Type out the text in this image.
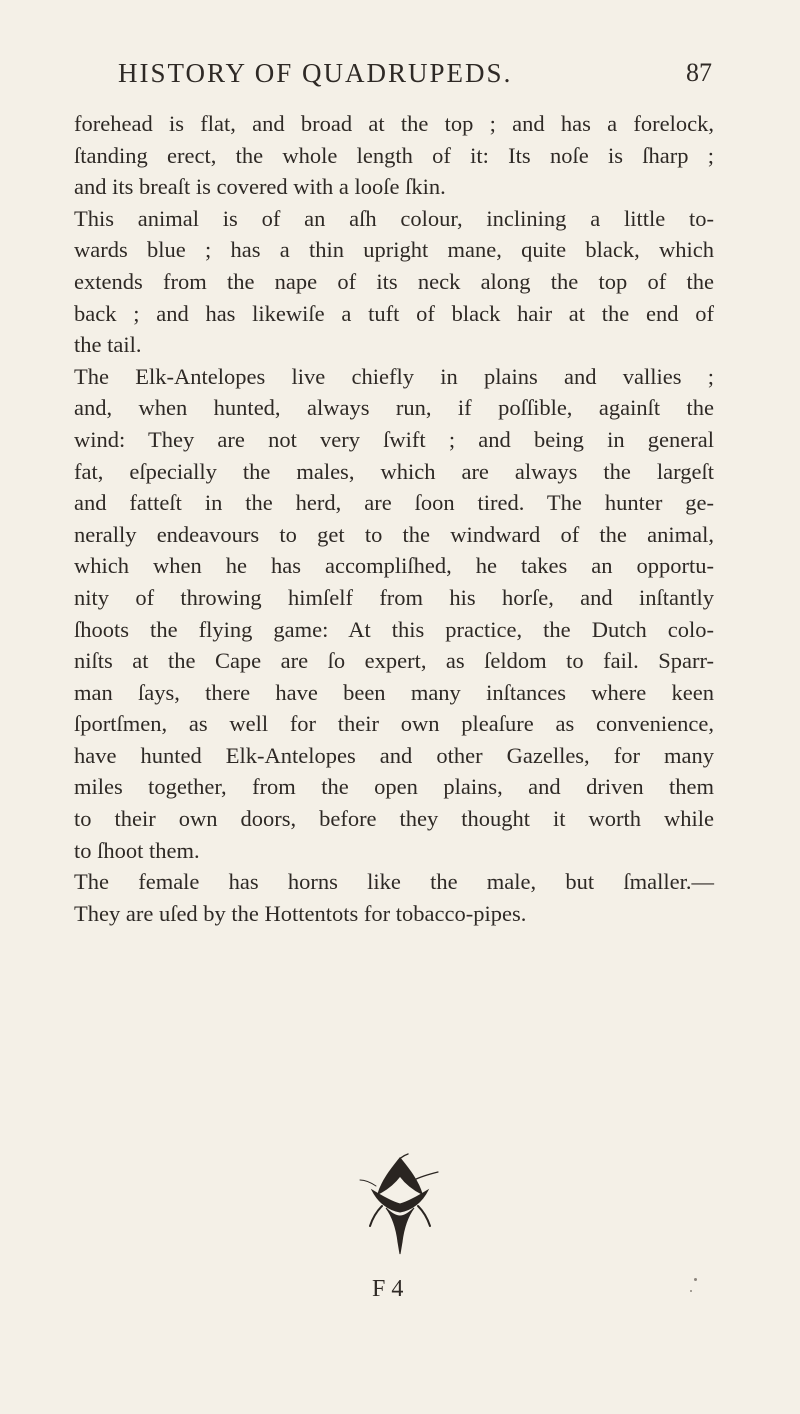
HISTORY OF QUADRUPEDS.	87
forehead is flat, and broad at the top ; and has a forelock,
ſtanding erect, the whole length of it: Its noſe is ſharp ;
and its breaſt is covered with a looſe ſkin.
This animal is of an aſh colour, inclining a little to-
wards blue ; has a thin upright mane, quite black, which
extends from the nape of its neck along the top of the
back ; and has likewiſe a tuft of black hair at the end of
the tail.
The Elk-Antelopes live chiefly in plains and vallies ;
and, when hunted, always run, if poſſible, againſt the
wind: They are not very ſwift ; and being in general
fat, eſpecially the males, which are always the largeſt
and fatteſt in the herd, are ſoon tired. The hunter ge-
nerally endeavours to get to the windward of the animal,
which when he has accompliſhed, he takes an opportu-
nity of throwing himſelf from his horſe, and inſtantly
ſhoots the flying game: At this practice, the Dutch colo-
niſts at the Cape are ſo expert, as ſeldom to fail. Sparr-
man ſays, there have been many inſtances where keen
ſportſmen, as well for their own pleaſure as convenience,
have hunted Elk-Antelopes and other Gazelles, for many
miles together, from the open plains, and driven them
to their own doors, before they thought it worth while
to ſhoot them.
The female has horns like the male, but ſmaller.—
They are uſed by the Hottentots for tobacco-pipes.
F 4
